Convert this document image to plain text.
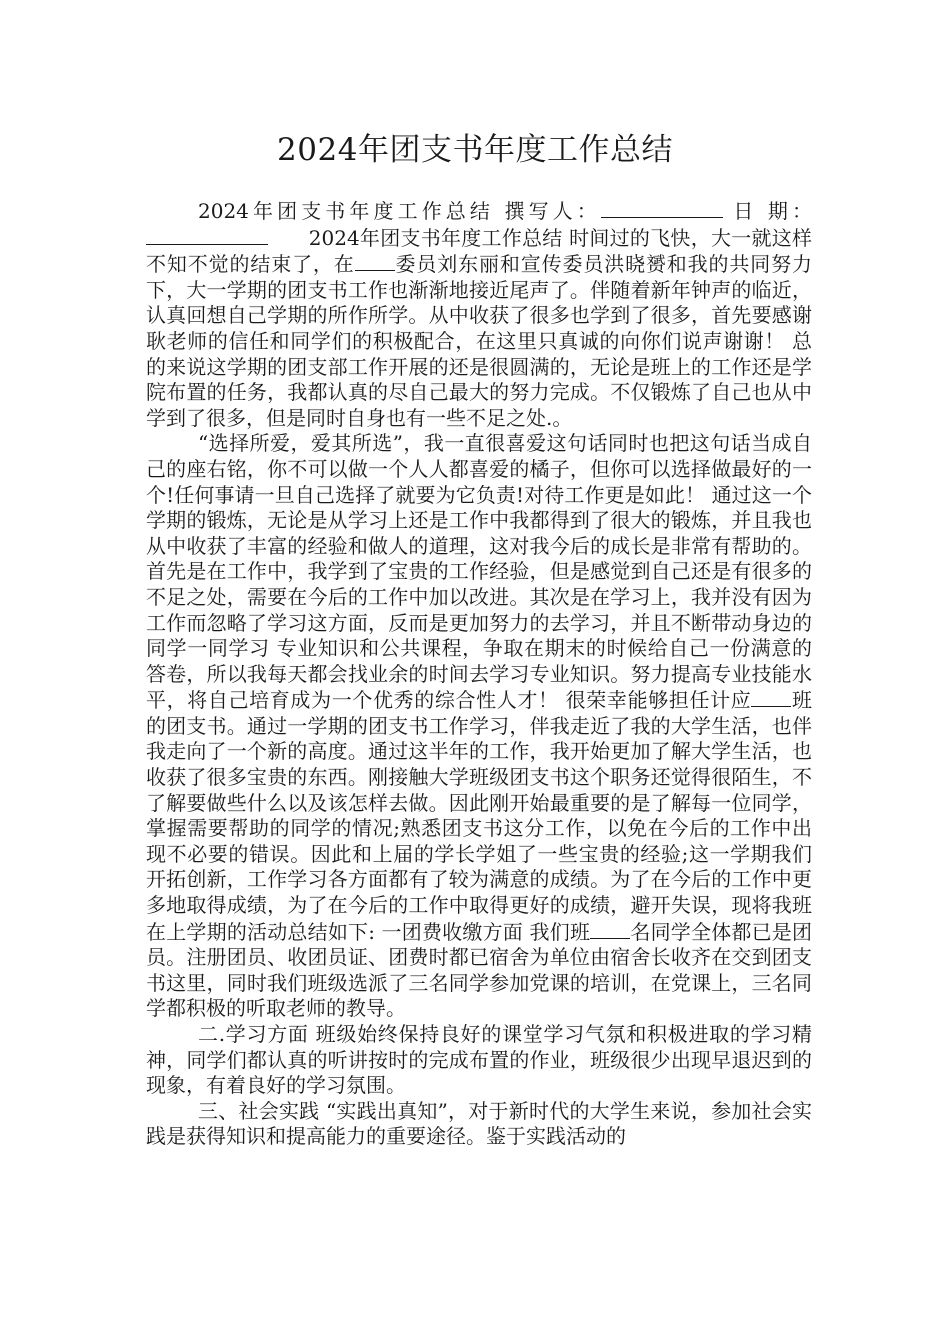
2024年团支书年度工作总结

2024年团支书年度工作总结 撰写人：	日 期：　　2024年团支书年度工作总结 时间过的飞快，大一就这样不知不觉的结束了，在 委员刘东丽和宣传委员洪晓赟和我的共同努力下，大一学期的团支书工作也渐渐地接近尾声了。伴随着新年钟声的临近，认真回想自己学期的所作所学。从中收获了很多也学到了很多，首先要感谢耿老师的信任和同学们的积极配合，在这里只真诚的向你们说声谢谢！ 总的来说这学期的团支部工作开展的还是很圆满的，无论是班上的工作还是学院布置的任务，我都认真的尽自己最大的努力完成。不仅锻炼了自己也从中学到了很多，但是同时自身也有一些不足之处.。

“选择所爱，爱其所选”，我一直很喜爱这句话同时也把这句话当成自己的座右铭，你不可以做一个人人都喜爱的橘子，但你可以选择做最好的一个!任何事请一旦自己选择了就要为它负责!对待工作更是如此！ 通过这一个学期的锻炼，无论是从学习上还是工作中我都得到了很大的锻炼，并且我也从中收获了丰富的经验和做人的道理，这对我今后的成长是非常有帮助的。首先是在工作中，我学到了宝贵的工作经验，但是感觉到自己还是有很多的不足之处，需要在今后的工作中加以改进。其次是在学习上，我并没有因为工作而忽略了学习这方面，反而是更加努力的去学习，并且不断带动身边的同学一同学习 专业知识和公共课程，争取在期末的时候给自己一份满意的答卷，所以我每天都会找业余的时间去学习专业知识。努力提高专业技能水平，将自己培育成为一个优秀的综合性人才！ 很荣幸能够担任计应 班的团支书。通过一学期的团支书工作学习，伴我走近了我的大学生活，也伴我走向了一个新的高度。通过这半年的工作，我开始更加了解大学生活，也收获了很多宝贵的东西。刚接触大学班级团支书这个职务还觉得很陌生，不了解要做些什么以及该怎样去做。因此刚开始最重要的是了解每一位同学，掌握需要帮助的同学的情况;熟悉团支书这分工作，以免在今后的工作中出现不必要的错误。因此和上届的学长学姐了一些宝贵的经验;这一学期我们开拓创新，工作学习各方面都有了较为满意的成绩。为了在今后的工作中更多地取得成绩，为了在今后的工作中取得更好的成绩，避开失误，现将我班在上学期的活动总结如下: 一团费收缴方面 我们班 名同学全体都已是团员。注册团员、收团员证、团费时都已宿舍为单位由宿舍长收齐在交到团支书这里，同时我们班级选派了三名同学参加党课的培训，在党课上，三名同学都积极的听取老师的教导。

二.学习方面 班级始终保持良好的课堂学习气氛和积极进取的学习精神，同学们都认真的听讲按时的完成布置的作业，班级很少出现早退迟到的现象，有着良好的学习氛围。

三、社会实践 “实践出真知”，对于新时代的大学生来说，参加社会实践是获得知识和提高能力的重要途径。鉴于实践活动的
